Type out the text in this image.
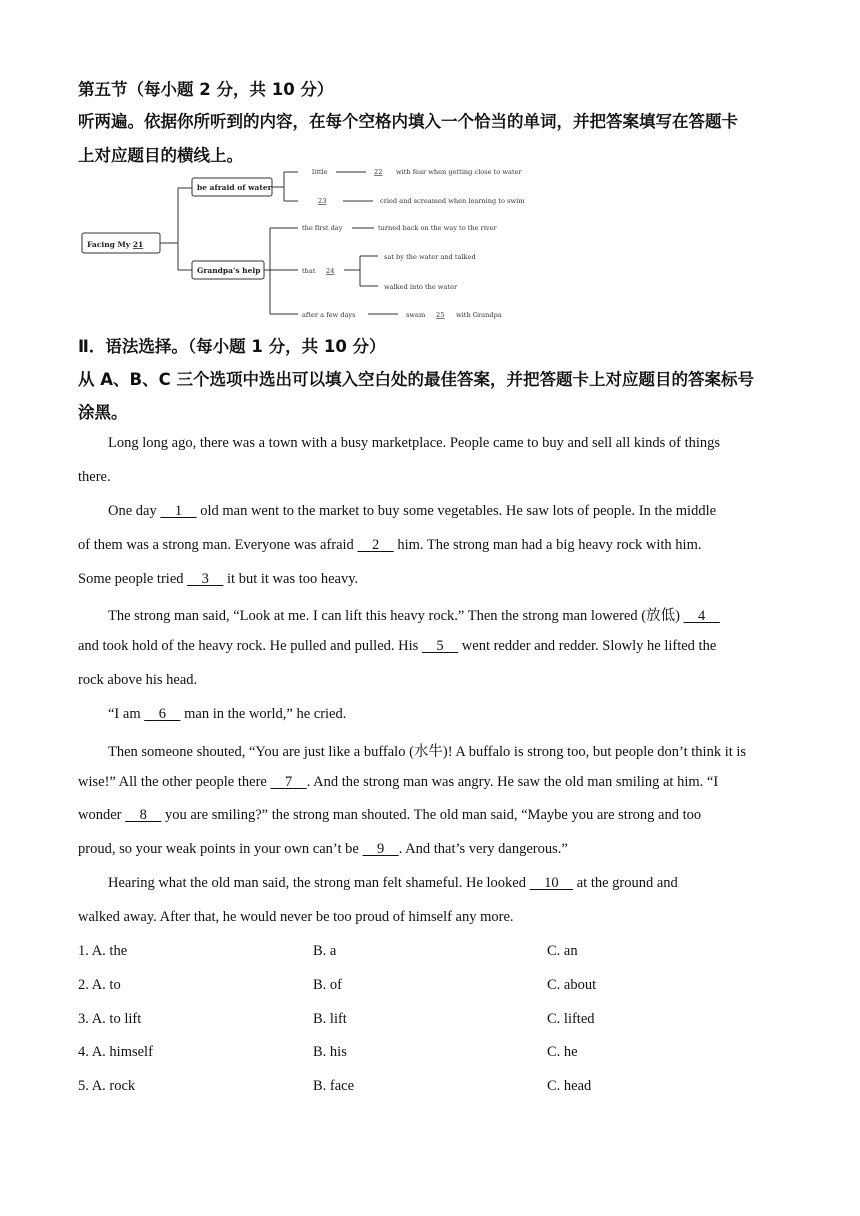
第五节（每小题 2 分，共 10 分）
听两遍。依据你所听到的内容，在每个空格内填入一个恰当的单词，并把答案填写在答题卡
上对应题目的横线上。
Facing My 21
be afraid of water
Grandpa's help
little	22 with fear when getting close to water
23	cried and screamed when learning to swim
the first day	turned back on the way to the river
that 24
sat by the water and talked
walked into the water
after a few days	swam 25 with Grandpa
Ⅱ．语法选择。（每小题 1 分，共 10 分）
从 A、B、C 三个选项中选出可以填入空白处的最佳答案，并把答题卡上对应题目的答案标号
涂黑。
Long long ago, there was a town with a busy marketplace. People came to buy and sell all kinds of things
there.
One day     1     old man went to the market to buy some vegetables. He saw lots of people. In the middle
of them was a strong man. Everyone was afraid     2     him. The strong man had a big heavy rock with him.
Some people tried     3     it but it was too heavy.
The strong man said, “Look at me. I can lift this heavy rock.” Then the strong man lowered (放低)     4
and took hold of the heavy rock. He pulled and pulled. His     5     went redder and redder. Slowly he lifted the
rock above his head.
“I am     6     man in the world,” he cried.
Then someone shouted, “You are just like a buffalo (水牛)! A buffalo is strong too, but people don’t think it is
wise!” All the other people there     7 . And the strong man was angry. He saw the old man smiling at him. “I
wonder     8     you are smiling?” the strong man shouted. The old man said, “Maybe you are strong and too
proud, so your weak points in your own can’t be     9 . And that’s very dangerous.”
Hearing what the old man said, the strong man felt shameful. He looked     10     at the ground and
walked away. After that, he would never be too proud of himself any more.
1. A. the	B. a	C. an
2. A. to	B. of	C. about
3. A. to lift	B. lift	C. lifted
4. A. himself	B. his	C. he
5. A. rock	B. face	C. head
